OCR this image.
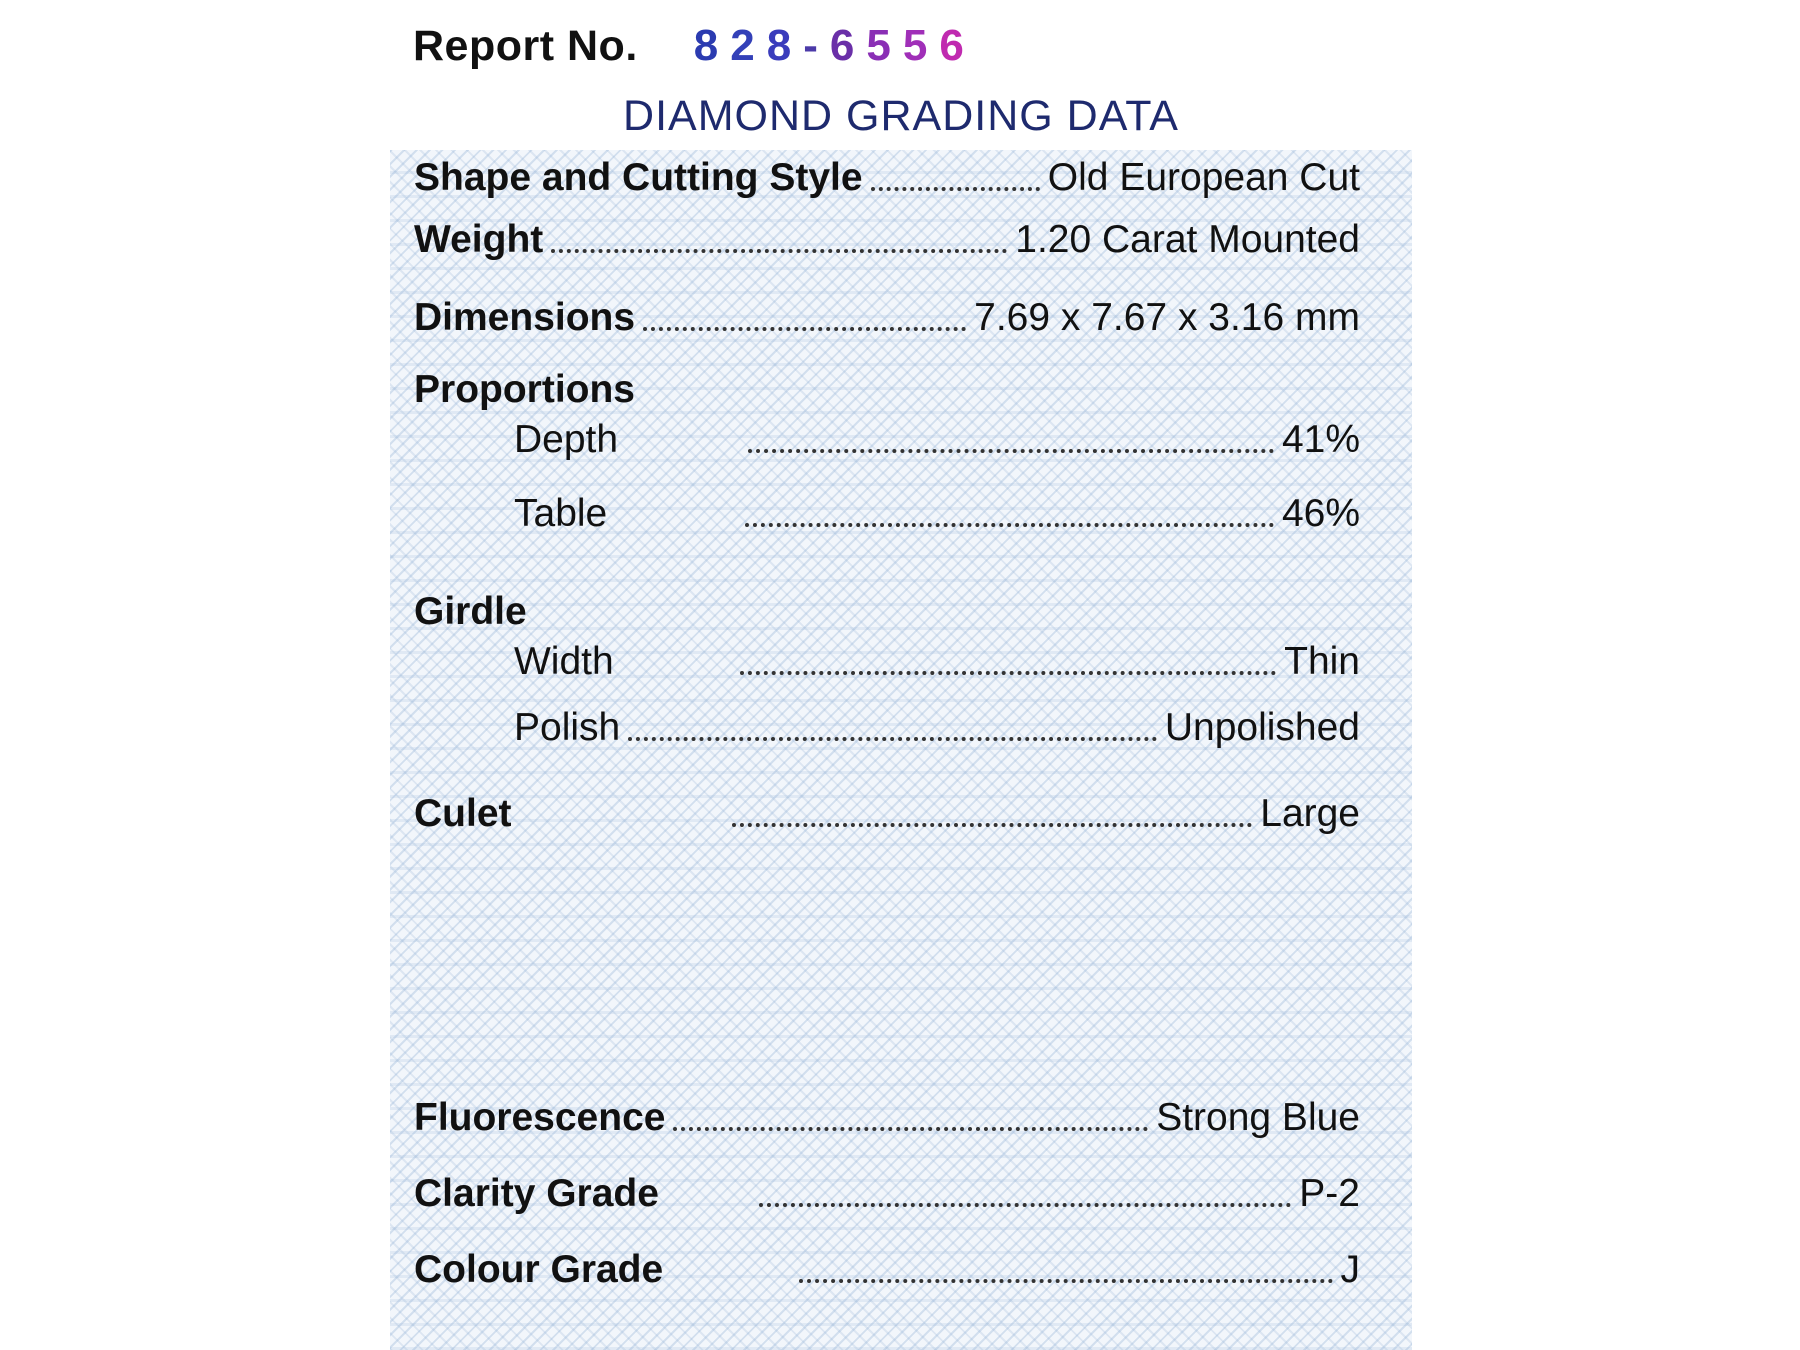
Report No. 828-6556
DIAMOND GRADING DATA
Shape and Cutting Style	Old European Cut
Weight	1.20 Carat Mounted
Dimensions	7.69 x 7.67 x 3.16 mm
Proportions
Depth	41%
Table	46%
Girdle
Width	Thin
Polish	Unpolished
Culet	Large
Fluorescence	Strong Blue
Clarity Grade	P-2
Colour Grade	J
